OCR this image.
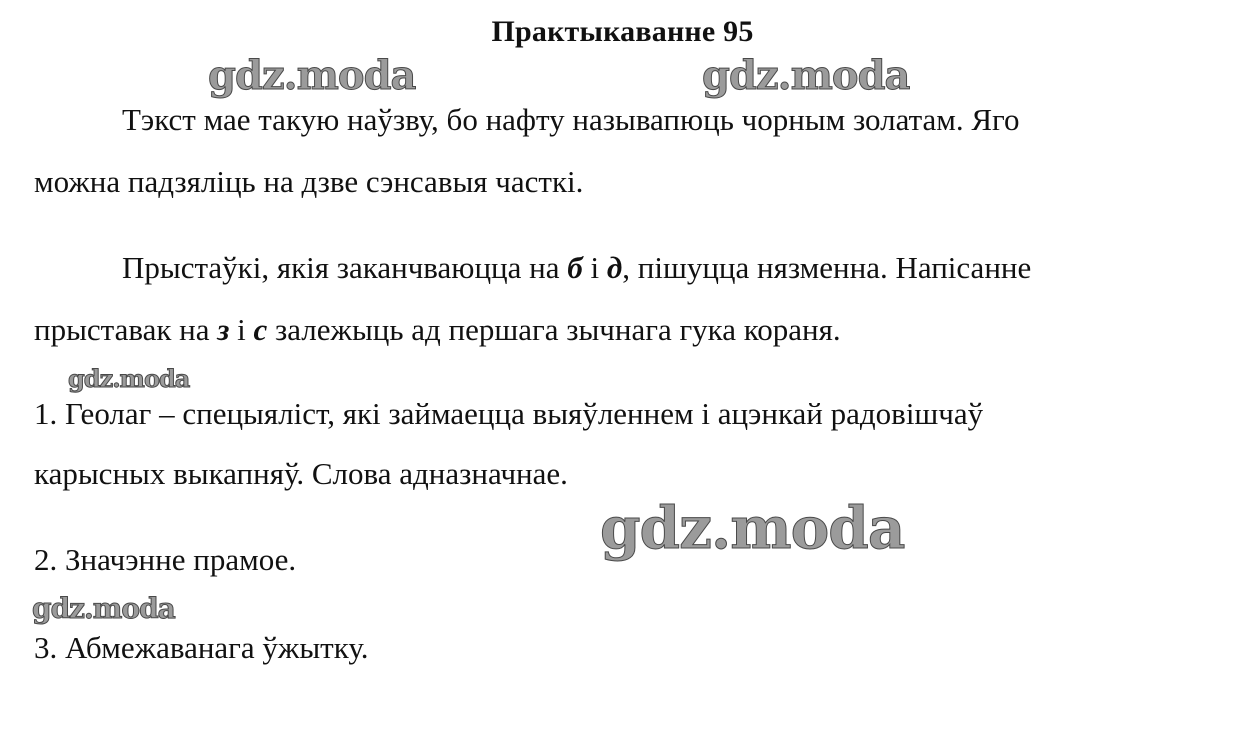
Практыкаванне 95
gdz.moda	gdz.moda
Тэкст мае такую наўзву, бо нафту называпюць чорным золатам. Яго
можна падзяліць на дзве сэнсавыя часткі.
Прыстаўкі, якія заканчваюцца на б і д, пішуцца нязменна. Напісанне
прыставак на з і с залежыць ад першага зычнага гука кораня.
gdz.moda
1. Геолаг – спецыяліст, які займаецца выяўленнем і ацэнкай радовішчаў
карысных выкапняў. Слова адназначнае.
gdz.moda
2. Значэнне прамое.
gdz.moda
3. Абмежаванага ўжытку.
